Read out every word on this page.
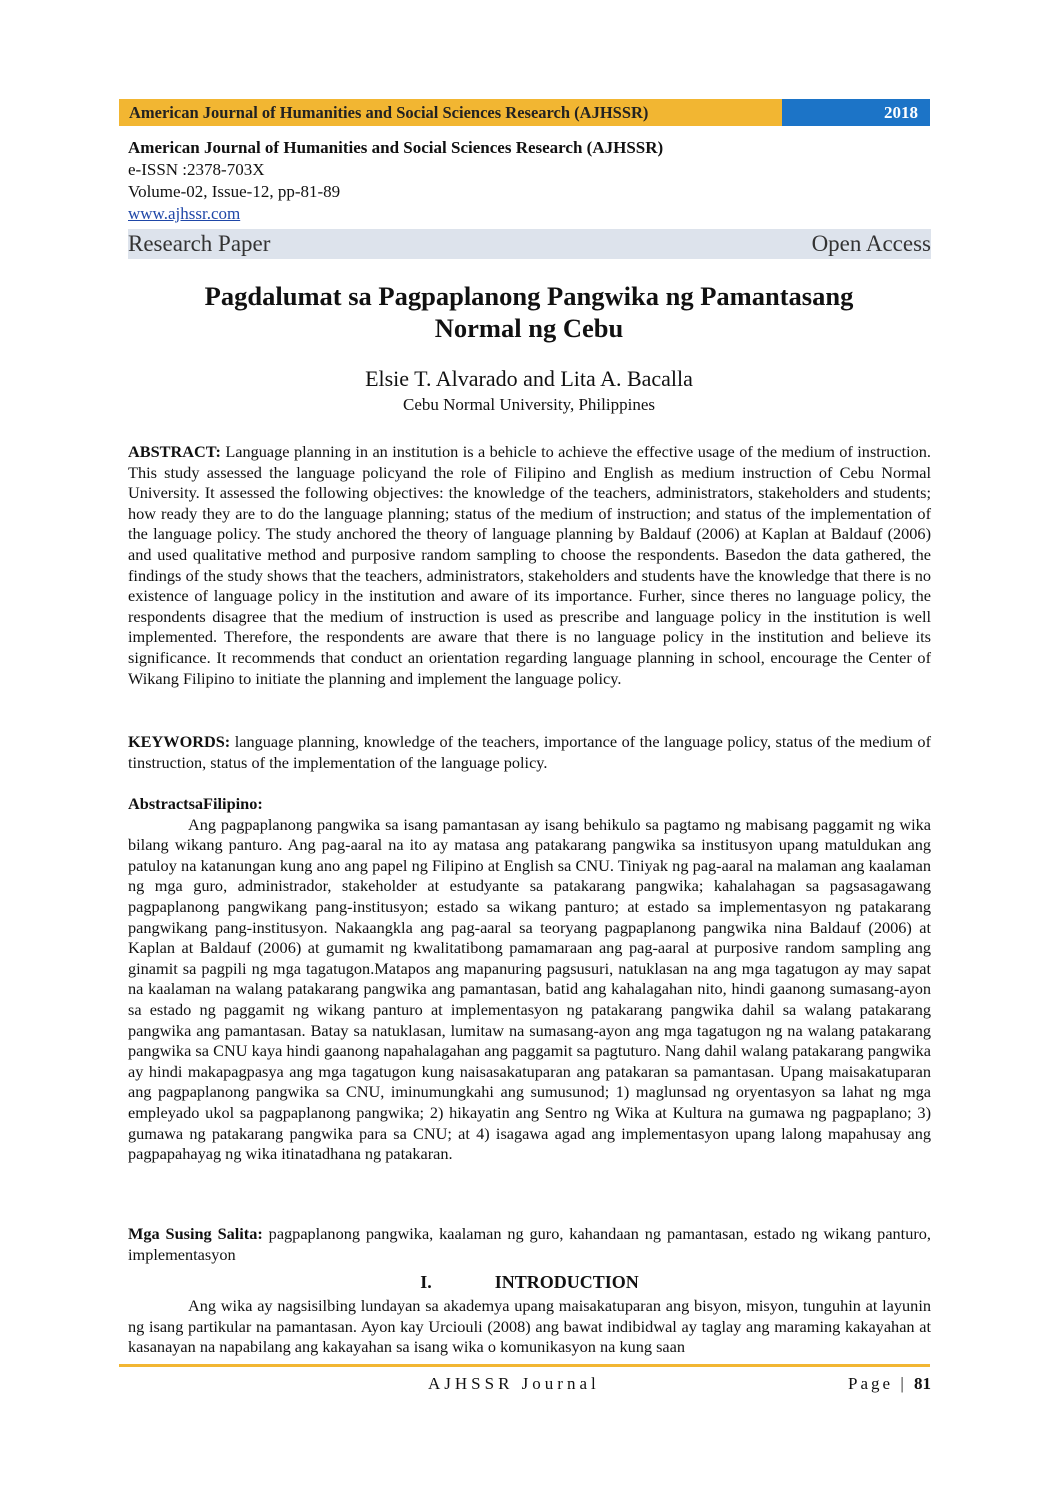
American Journal of Humanities and Social Sciences Research (AJHSSR)	2018
American Journal of Humanities and Social Sciences Research (AJHSSR)
e-ISSN :2378-703X
Volume-02, Issue-12, pp-81-89
www.ajhssr.com
Research Paper	Open Access
Pagdalumat sa Pagpaplanong Pangwika ng Pamantasang
Normal ng Cebu
Elsie T. Alvarado and Lita A. Bacalla
Cebu Normal University, Philippines
ABSTRACT: Language planning in an institution is a behicle to achieve the effective usage of the medium of instruction. This study assessed the language policyand the role of Filipino and English as medium instruction of Cebu Normal University. It assessed the following objectives: the knowledge of the teachers, administrators, stakeholders and students; how ready they are to do the language planning; status of the medium of instruction; and status of the implementation of the language policy. The study anchored the theory of language planning by Baldauf (2006) at Kaplan at Baldauf (2006) and used qualitative method and purposive random sampling to choose the respondents. Basedon the data gathered, the findings of the study shows that the teachers, administrators, stakeholders and students have the knowledge that there is no existence of language policy in the institution and aware of its importance. Furher, since theres no language policy, the respondents disagree that the medium of instruction is used as prescribe and language policy in the institution is well implemented. Therefore, the respondents are aware that there is no language policy in the institution and believe its significance. It recommends that conduct an orientation regarding language planning in school, encourage the Center of Wikang Filipino to initiate the planning and implement the language policy.
KEYWORDS: language planning, knowledge of the teachers, importance of the language policy, status of the medium of tinstruction, status of the implementation of the language policy.
AbstractsaFilipino:
Ang pagpaplanong pangwika sa isang pamantasan ay isang behikulo sa pagtamo ng mabisang paggamit ng wika bilang wikang panturo. Ang pag-aaral na ito ay matasa ang patakarang pangwika sa institusyon upang matuldukan ang patuloy na katanungan kung ano ang papel ng Filipino at English sa CNU. Tiniyak ng pag-aaral na malaman ang kaalaman ng mga guro, administrador, stakeholder at estudyante sa patakarang pangwika; kahalahagan sa pagsasagawang pagpaplanong pangwikang pang-institusyon; estado sa wikang panturo; at estado sa implementasyon ng patakarang pangwikang pang-institusyon. Nakaangkla ang pag-aaral sa teoryang pagpaplanong pangwika nina Baldauf (2006) at Kaplan at Baldauf (2006) at gumamit ng kwalitatibong pamamaraan ang pag-aaral at purposive random sampling ang ginamit sa pagpili ng mga tagatugon.Matapos ang mapanuring pagsusuri, natuklasan na ang mga tagatugon ay may sapat na kaalaman na walang patakarang pangwika ang pamantasan, batid ang kahalagahan nito, hindi gaanong sumasang-ayon sa estado ng paggamit ng wikang panturo at implementasyon ng patakarang pangwika dahil sa walang patakarang pangwika ang pamantasan. Batay sa natuklasan, lumitaw na sumasang-ayon ang mga tagatugon ng na walang patakarang pangwika sa CNU kaya hindi gaanong napahalagahan ang paggamit sa pagtuturo. Nang dahil walang patakarang pangwika ay hindi makapagpasya ang mga tagatugon kung naisasakatuparan ang patakaran sa pamantasan. Upang maisakatuparan ang pagpaplanong pangwika sa CNU, iminumungkahi ang sumusunod; 1) maglunsad ng oryentasyon sa lahat ng mga empleyado ukol sa pagpaplanong pangwika; 2) hikayatin ang Sentro ng Wika at Kultura na gumawa ng pagpaplano; 3) gumawa ng patakarang pangwika para sa CNU; at 4) isagawa agad ang implementasyon upang lalong mapahusay ang pagpapahayag ng wika itinatadhana ng patakaran.
Mga Susing Salita: pagpaplanong pangwika, kaalaman ng guro, kahandaan ng pamantasan, estado ng wikang panturo, implementasyon
I.	INTRODUCTION
Ang wika ay nagsisilbing lundayan sa akademya upang maisakatuparan ang bisyon, misyon, tunguhin at layunin ng isang partikular na pamantasan. Ayon kay Urciouli (2008) ang bawat indibidwal ay taglay ang maraming kakayahan at kasanayan na napabilang ang kakayahan sa isang wika o komunikasyon na kung saan
AJHSSR Journal	Page | 81
